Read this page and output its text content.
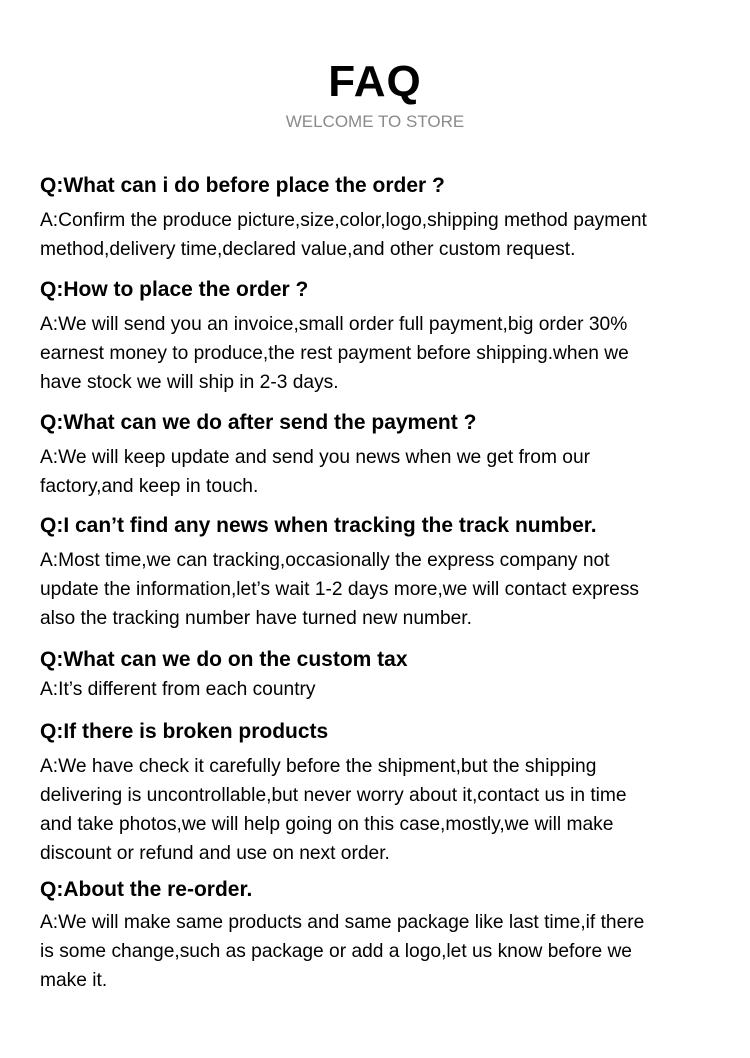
FAQ
WELCOME TO STORE
Q:What can i do before place the order ?
A:Confirm the produce picture,size,color,logo,shipping method payment
method,delivery time,declared value,and other custom request.
Q:How to place the order ?
A:We will send you an invoice,small order full payment,big order 30%
earnest money to produce,the rest payment before shipping.when we
have stock we will ship in 2-3 days.
Q:What can we do after send the payment ?
A:We will keep update and send you news when we get from our
factory,and keep in touch.
Q:I can’t find any news when tracking the track number.
A:Most time,we can tracking,occasionally the express company not
update the information,let’s wait 1-2 days more,we will contact express
also the tracking number have turned new number.
Q:What can we do on the custom tax
A:It’s different from each country
Q:If there is broken products
A:We have check it carefully before the shipment,but the shipping
delivering is uncontrollable,but never worry about it,contact us in time
and take photos,we will help going on this case,mostly,we will make
discount or refund and use on next order.
Q:About the re-order.
A:We will make same products and same package like last time,if there
is some change,such as package or add a logo,let us know before we
make it.
